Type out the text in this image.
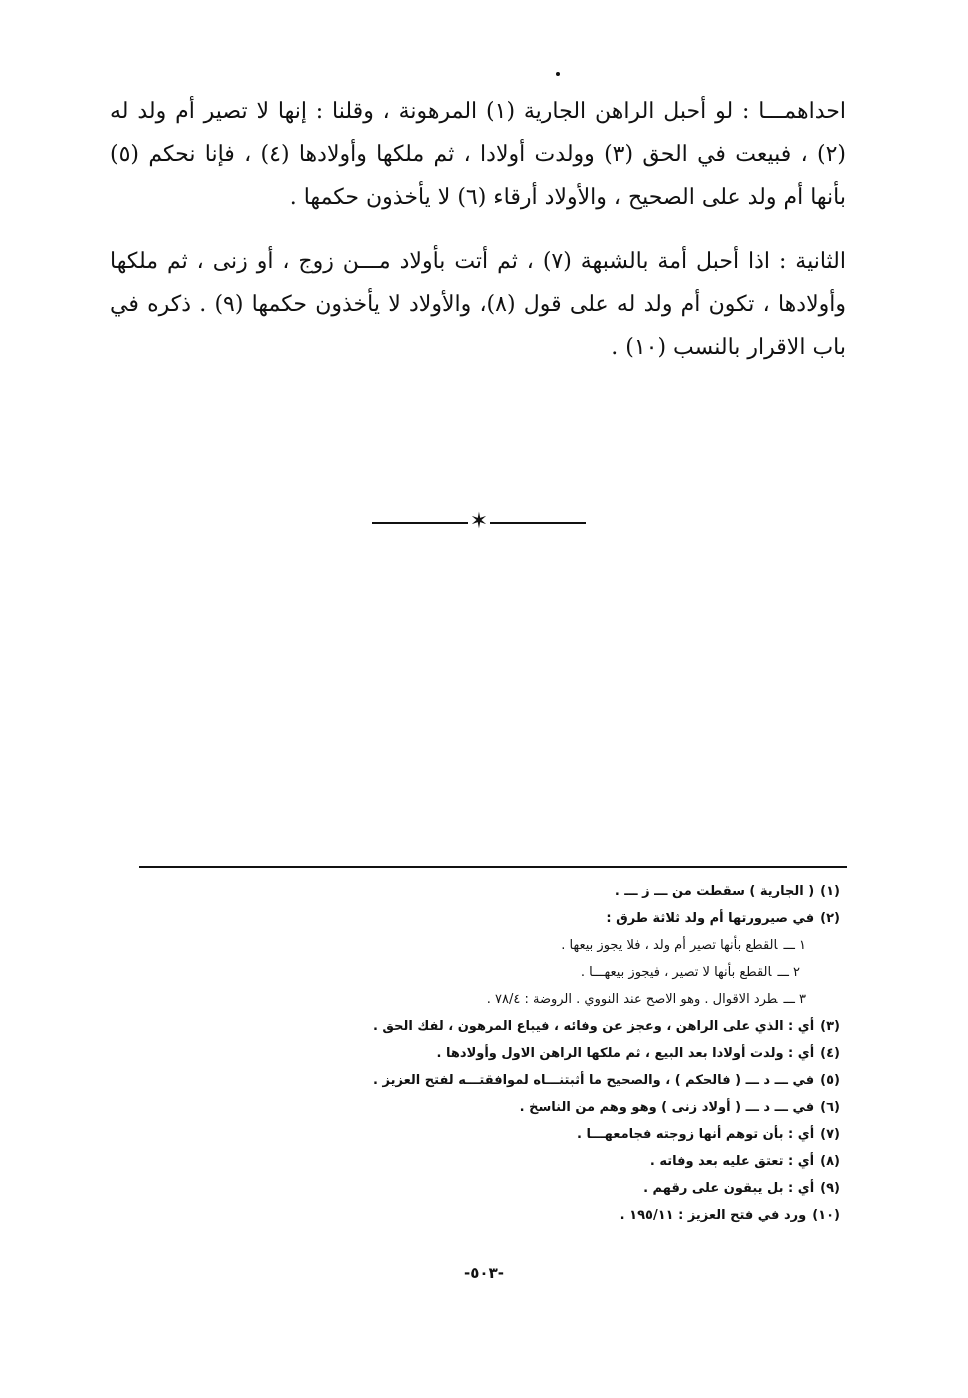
احداهمـــا : لو أحبل الراهن الجارية (١) المرهونة ، وقلنا : إنها لا تصير أم ولد له (٢) ، فبيعت في الحق (٣) وولدت أولادا ، ثم ملكها وأولادها (٤) ، فإنا نحكم (٥) بأنها أم ولد على الصحيح ، والأولاد أرقاء (٦) لا يأخذون حكمها .

الثانية : اذا أحبل أمة بالشبهة (٧) ، ثم أتت بأولاد مـــن زوج ، أو زنى ، ثم ملكها وأولادها ، تكون أم ولد له على قول (٨)، والأولاد لا يأخذون حكمها (٩) . ذكره في باب الاقرار بالنسب (١٠) .

✶
(١)( الجارية ) سقطت من ـــ ز ـــ .
(٢)في صيرورتها أم ولد ثلاثة طرق :
١ ـــالقطع بأنها تصير أم ولد ، فلا يجوز بيعها .
٢ ـــالقطع بأنها لا تصير ، فيجوز بيعهـــا .
٣ ـــطرد الاقوال . وهو الاصح عند النووي . الروضة : ٧٨/٤ .
(٣)أي : الذي على الراهن ، وعجز عن وفائه ، فيباع المرهون ، لفك الحق .
(٤)أي : ولدت أولادا بعد البيع ، ثم ملكها الراهن الاول وأولادها .
(٥)في ـــ د ـــ ( فالحكم ) ، والصحيح ما أثبتنـــاه لموافقتـــه لفتح العزيز .
(٦)في ـــ د ـــ ( أولاد زنى ) وهو وهم من الناسخ .
(٧)أي : بأن توهم أنها زوجته فجامعهـــا .
(٨)أي : تعتق عليه بعد وفاته .
(٩)أي : بل يبقون على رقهم .
(١٠)ورد في فتح العزيز : ١٩٥/١١ .
-٥٠٣-
